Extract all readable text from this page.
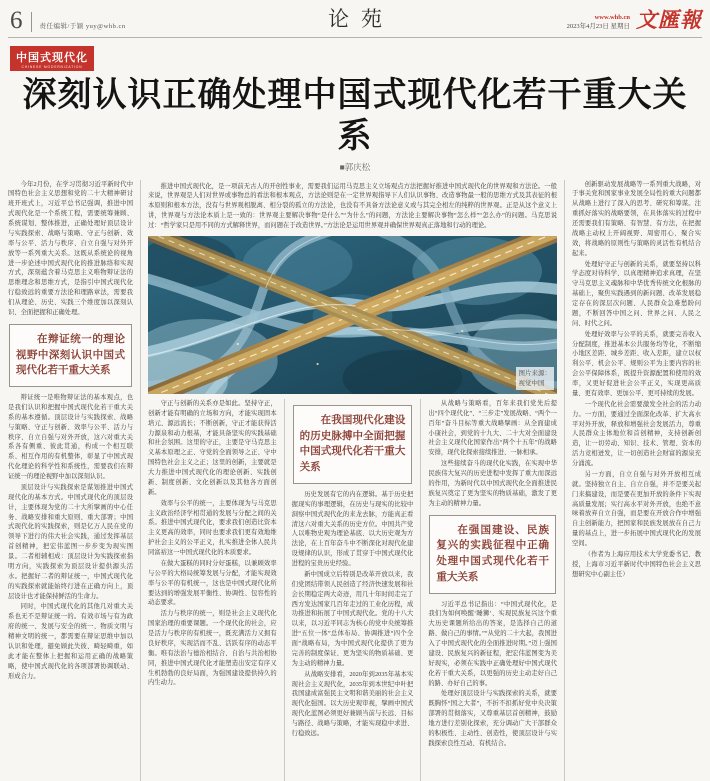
6	责任编辑/于颖 yuy@whb.cn	论苑	www.whb.cn
2023年4月23日 星期日 文匯報
中国式现代化
CHINESE MODERNIZATION
深刻认识正确处理中国式现代化若干重大关系
■郭庆松

今年2月份，在学习贯彻习近平新时代中国特色社会主义思想和党的二十大精神研讨班开班式上，习近平总书记强调，推进中国式现代化是一个系统工程，需要统筹兼顾、系统谋划、整体推进，正确处理好顶层设计与实践探索、战略与策略、守正与创新、效率与公平、活力与秩序、自立自强与对外开放等一系列重大关系。这既从系统论的视角进一步论述中国式现代化的推进脉络和实现方式，深刻蕴含着马克思主义唯物辩证法的思维理念和思维方式，是指引中国式现代化行稳致远的重要方法论和理路章法，需要我们从理论、历史、实践三个维度加以深刻认识、全面把握和正确处理。

在辩证统一的理论视野中深刻认识中国式现代化若干重大关系

辩证统一是唯物辩证法的基本观点，也是我们认识和把握中国式现代化若干重大关系的基本遵循。顶层设计与实践探索、战略与策略、守正与创新、效率与公平、活力与秩序、自立自强与对外开放，这六对重大关系各有侧重、彼此贯通，构成一个相互联系、相互作用的有机整体，彰显了中国式现代化理论的科学性和系统性，需要我们在辩证统一的理论视野中加以深刻认识。

顶层设计与实践探索是谋划推进中国式现代化的基本方式。中国式现代化的顶层设计，主要体现为党的二十大所擘画的中心任务、战略安排和重大原则、重大部署；中国式现代化的实践探索，则是亿万人民在党的领导下进行的伟大社会实践，通过发挥基层首创精神，把宏伟蓝图一步步变为现实图景。二者相辅相成：顶层设计为实践探索指明方向，实践探索为顶层设计提供源头活水。把握好二者的辩证统一，中国式现代化的实践探索就能始终行进在正确方向上，顶层设计也才能保持鲜活的生命力。

同时，中国式现代化的其他几对重大关系也无不是辩证统一的。有效市场与有为政府的统一、发展与安全的统一、物质文明与精神文明的统一，都需要在辩证思维中加以认识和处理，避免顾此失彼、畸轻畸重，如此才能在整体上把握和运用正确的战略策略，使中国式现代化的各项部署协调联动、形成合力。

推进中国式现代化，是一项前无古人的开创性事业，需要我们运用马克思主义立场观点方法把握好推进中国式现代化的世界观和方法论。一般来说，世界观是人们对世界或事物总的看法和根本观点，方法论则是在一定世界观指导下人们认识事物、改造事物最一般的思维方式及其表征的根本原则和根本方法，没有与世界观相脱离、相分裂的孤立的方法论，也没有不具备方法论意义或与其完全相左的纯粹的世界观。正是从这个意义上讲，世界观与方法论本质上是一致的：世界观主要解决事物“是什么”“为什么”的问题，方法论主要解决事物“怎么样”“怎么办”的问题。马克思说过：“哲学家只是用不同的方式解释世界，而问题在于改造世界。”方法论是运用世界观并确保世界观真正落地和行动的理论。
图片来源：
视觉中国

守正与创新的关系亦是如此。坚持守正，创新才能有明确的立场和方向，才能实现固本培元、源远流长；不断创新，守正才能获得活力源泉和动力根基，才能具备坚实的实践基础和社会氛围。这里的守正，主要是守马克思主义基本原理之正、守党的全面领导之正、守中国特色社会主义之正；这里的创新，主要就是大力推进中国式现代化的理论创新、实践创新、制度创新、文化创新以及其他各方面创新。

效率与公平的统一，主要体现为与马克思主义政治经济学相贯通的发展与分配之间的关系。推进中国式现代化，要求我们创造比资本主义更高的效率，同时也要求我们更有效地维护社会主义的公平正义，扎实推进全体人民共同富裕这一中国式现代化的本质要求。

在做大蛋糕的同时分好蛋糕，以兼顾效率与公平的大格局统筹发展与分配，才能实现效率与公平的有机统一，这也是中国式现代化所要达到的增强发展平衡性、协调性、包容性的动态要求。

活力与秩序的统一，则是社会主义现代化国家治理的重要课题。一个现代化的社会，应是活力与秩序的有机统一，既充满活力又拥有良好秩序，实现活而不乱、活跃有序的动态平衡。唯有法治与德治相结合、自治与共治相协同，推进中国式现代化才能塑造出安定有序又生机勃勃的良好局面，为强国建设提供持久的内生动力。

在我国现代化建设的历史脉搏中全面把握中国式现代化若干重大关系

历史发展有它的内在逻辑。基于历史把握现实的事理逻辑，在历史与现实的比较中洞察中国式现代化的来龙去脉，方能真正看清这六对重大关系的历史方位。中国共产党人以唯物史观为理论基底、以大历史观为方法论，在上百年奋斗中不断深化对现代化建设规律的认识，形成了贯穿于中国式现代化进程的宝贵历史经验。

新中国成立后特别是改革开放以来，我们党团结带领人民创造了经济快速发展和社会长期稳定两大奇迹，用几十年时间走完了西方发达国家几百年走过的工业化历程，成功推进和拓展了中国式现代化。党的十八大以来，以习近平同志为核心的党中央统筹推进“五位一体”总体布局、协调推进“四个全面”战略布局，为中国式现代化提供了更为完善的制度保证、更为坚实的物质基础、更为主动的精神力量。

从战略安排看，2020年到2035年基本实现社会主义现代化，2035年到本世纪中叶把我国建成富强民主文明和谐美丽的社会主义现代化强国。以大历史观审视，擘画中国式现代化蓝图必须更好兼顾当前与长远、目标与路径、战略与策略，才能实现稳中求进、行稳致远。

从战略与策略看，百年来我们党先后提出“四个现代化”、“三步走”发展战略、“两个一百年”奋斗目标等重大战略擘画：从全面建成小康社会，到党的十九大、二十大对全面建设社会主义现代化国家作出“两个十五年”的战略安排，现代化探索接续推进、一脉相承。

这些接续奋斗的现代化实践，在实现中华民族伟大复兴的历史进程中发挥了重大而深远的作用，为新时代以中国式现代化全面推进民族复兴奠定了更为坚实的物质基础，激发了更为主动的精神力量。

在强国建设、民族复兴的实践征程中正确处理中国式现代化若干重大关系

习近平总书记指出：“中国式现代化，是我们为如何唤醒‘睡狮’、实现民族复兴这个重大历史课题所给出的答案，是选择自己的道路、做自己的事情。”“从党的二十大起，我国进入了中国式现代化的全面推进时期。”迈上强国建设、民族复兴的新征程，把宏伟蓝图变为美好现实，必须在实践中正确处理好中国式现代化若干重大关系，以更强的历史主动走好自己的路、办好自己的事。

处理好顶层设计与实践探索的关系，就要既胸怀“国之大者”，不折不扣抓好党中央决策部署的贯彻落实，又尊重基层首创精神，鼓励地方进行差别化探索，充分调动广大干部群众的积极性、主动性、创造性，使顶层设计与实践探索良性互动、有机结合。

创新驱动发展战略等一系列重大战略，对于事关党和国家事业发展全局性的重大问题都从战略上进行了深入的思考、研究和筹谋。注重抓好落实的战略要领，在具体落实的过程中还需要我们有策略、有智慧、有方法，在把握战略主动权上开阔视野、周密用心、聚合实效，将战略的原则性与策略的灵活性有机结合起来。

处理好守正与创新的关系，就要坚持以科学态度对待科学、以真理精神追求真理，在坚守马克思主义魂脉和中华优秀传统文化根脉的基础上，聚焦实践遇到的新问题、改革发展稳定存在的深层次问题、人民群众急难愁盼问题，不断回答中国之问、世界之问、人民之问、时代之问。

处理好效率与公平的关系，就要完善收入分配制度，推进基本公共服务均等化，不断缩小地区差距、城乡差距、收入差距，建立以权利公平、机会公平、规则公平为主要内容的社会公平保障体系，既提升资源配置和使用的效率，又更好促进社会公平正义，实现更高质量、更有效率、更加公平、更可持续的发展。

一个现代化社会需要激发全社会的活力动力。一方面，要通过全面深化改革、扩大高水平对外开放，释放和增强社会发展活力，尊重人民群众主体地位和首创精神，支持创新创造，让一切劳动、知识、技术、管理、资本的活力竞相迸发，让一切创造社会财富的源泉充分涌流。

另一方面，自立自强与对外开放相互成就。坚持独立自主、自立自强，并不是要关起门来搞建设，而是要在更加开放的条件下实现高质量发展；实行高水平对外开放，也绝不意味着放弃自立自强，而是要在开放合作中增强自主创新能力，把国家和民族发展放在自己力量的基点上，进一步拓展中国式现代化的发展空间。

（作者为上海应用技术大学党委书记、教授，上海市习近平新时代中国特色社会主义思想研究中心副主任）
